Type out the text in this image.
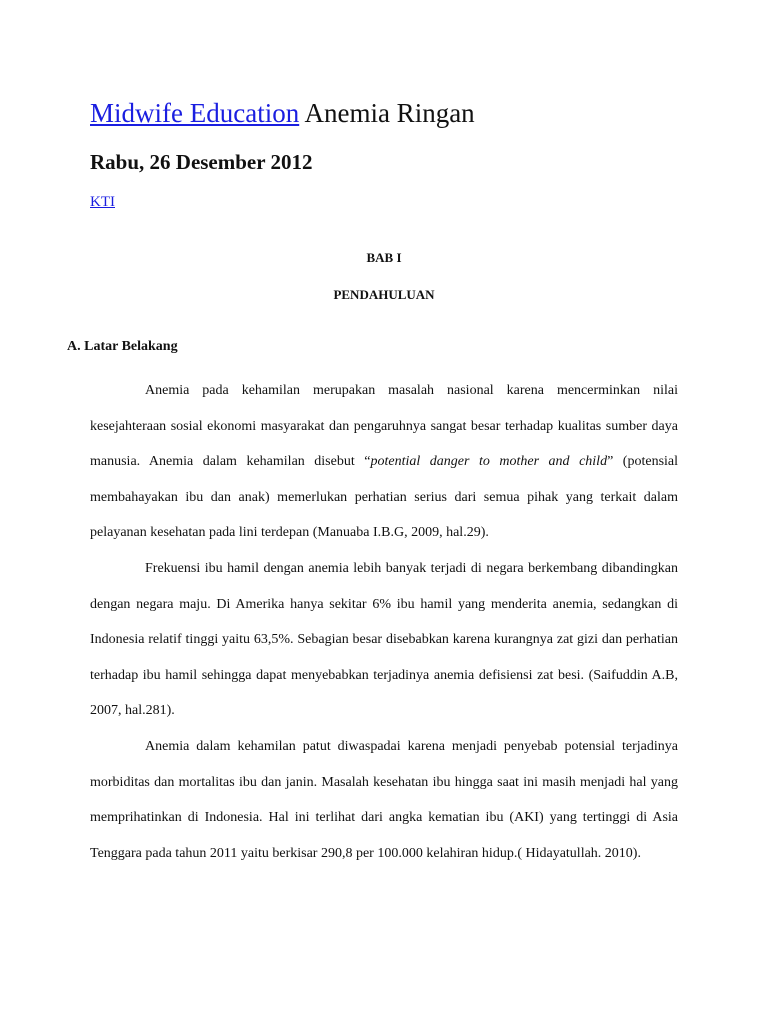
Midwife Education Anemia Ringan
Rabu, 26 Desember 2012
KTI
BAB I
PENDAHULUAN
A. Latar Belakang

Anemia pada kehamilan merupakan masalah nasional karena mencerminkan nilai kesejahteraan sosial ekonomi masyarakat dan pengaruhnya sangat besar terhadap kualitas sumber daya manusia. Anemia dalam kehamilan disebut “potential danger to mother and child” (potensial membahayakan ibu dan anak) memerlukan perhatian serius dari semua pihak yang terkait dalam pelayanan kesehatan pada lini terdepan (Manuaba I.B.G, 2009, hal.29).

Frekuensi ibu hamil dengan anemia lebih banyak terjadi di negara berkembang dibandingkan dengan negara maju. Di Amerika hanya sekitar 6% ibu hamil yang menderita anemia, sedangkan di Indonesia relatif tinggi yaitu 63,5%. Sebagian besar disebabkan karena kurangnya zat gizi dan perhatian terhadap ibu hamil sehingga dapat menyebabkan terjadinya anemia defisiensi zat besi. (Saifuddin A.B, 2007, hal.281).

Anemia dalam kehamilan patut diwaspadai karena menjadi penyebab potensial terjadinya morbiditas dan mortalitas ibu dan janin. Masalah kesehatan ibu hingga saat ini masih menjadi hal yang memprihatinkan di Indonesia. Hal ini terlihat dari angka kematian ibu (AKI) yang tertinggi di Asia Tenggara pada tahun 2011 yaitu berkisar 290,8 per 100.000 kelahiran hidup.( Hidayatullah. 2010).
